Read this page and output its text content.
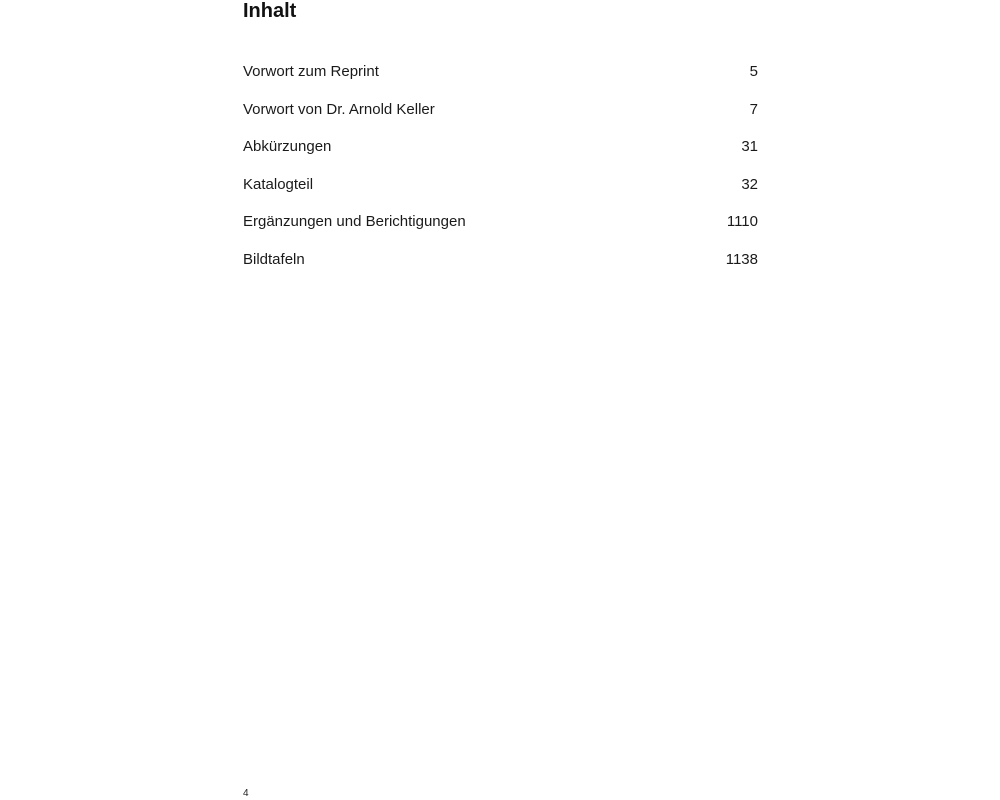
Inhalt
Vorwort zum Reprint	5
Vorwort von Dr. Arnold Keller	7
Abkürzungen	31
Katalogteil	32
Ergänzungen und Berichtigungen	1110
Bildtafeln	1138
4
